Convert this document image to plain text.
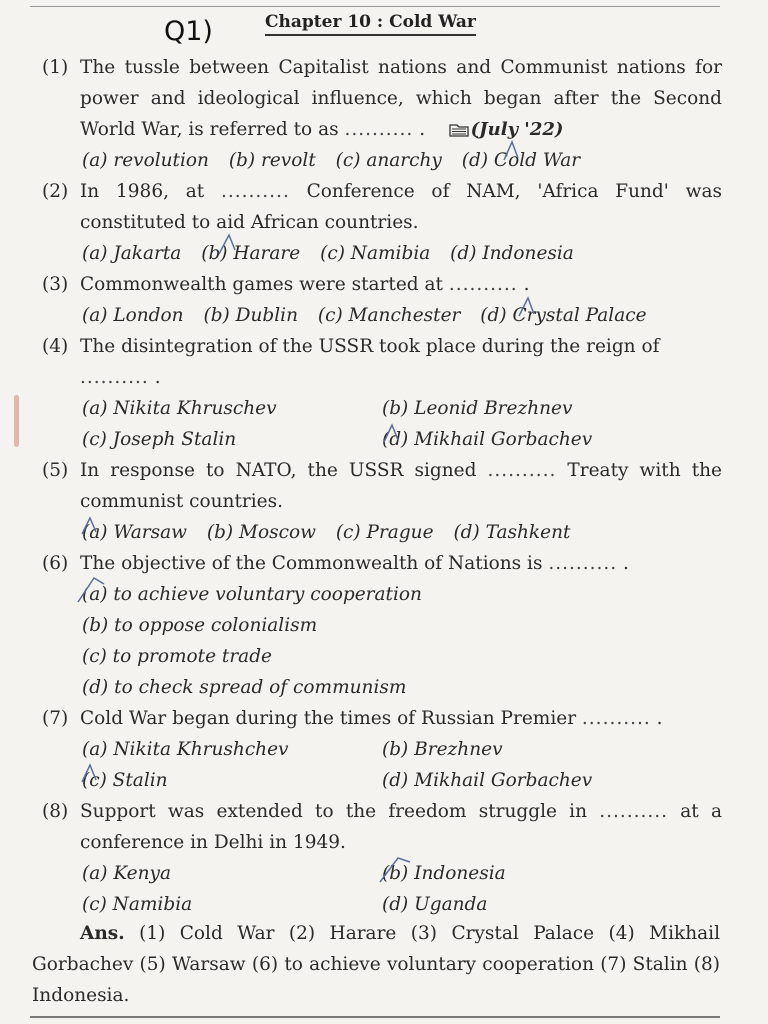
Q1)	Chapter 10 : Cold War
(1) The tussle between Capitalist nations and Communist nations for power and ideological influence, which began after the Second World War, is referred to as .......... .	(July '22)
(a) revolution (b) revolt (c) anarchy (d) Cold War
(2) In 1986, at .......... Conference of NAM, 'Africa Fund' was constituted to aid African countries.
(a) Jakarta (b) Harare (c) Namibia (d) Indonesia
(3) Commonwealth games were started at .......... .
(a) London (b) Dublin (c) Manchester (d) Crystal Palace
(4) The disintegration of the USSR took place during the reign of
.......... .
(a) Nikita Khruschev	(b) Leonid Brezhnev
(c) Joseph Stalin	(d) Mikhail Gorbachev
(5) In response to NATO, the USSR signed .......... Treaty with the communist countries.
(a) Warsaw (b) Moscow (c) Prague (d) Tashkent
(6) The objective of the Commonwealth of Nations is .......... .
(a) to achieve voluntary cooperation
(b) to oppose colonialism
(c) to promote trade
(d) to check spread of communism
(7) Cold War began during the times of Russian Premier .......... .
(a) Nikita Khrushchev	(b) Brezhnev
(c) Stalin	(d) Mikhail Gorbachev
(8) Support was extended to the freedom struggle in .......... at a conference in Delhi in 1949.
(a) Kenya	(b) Indonesia
(c) Namibia	(d) Uganda
Ans. (1) Cold War (2) Harare (3) Crystal Palace (4) Mikhail Gorbachev (5) Warsaw (6) to achieve voluntary cooperation (7) Stalin (8) Indonesia.
